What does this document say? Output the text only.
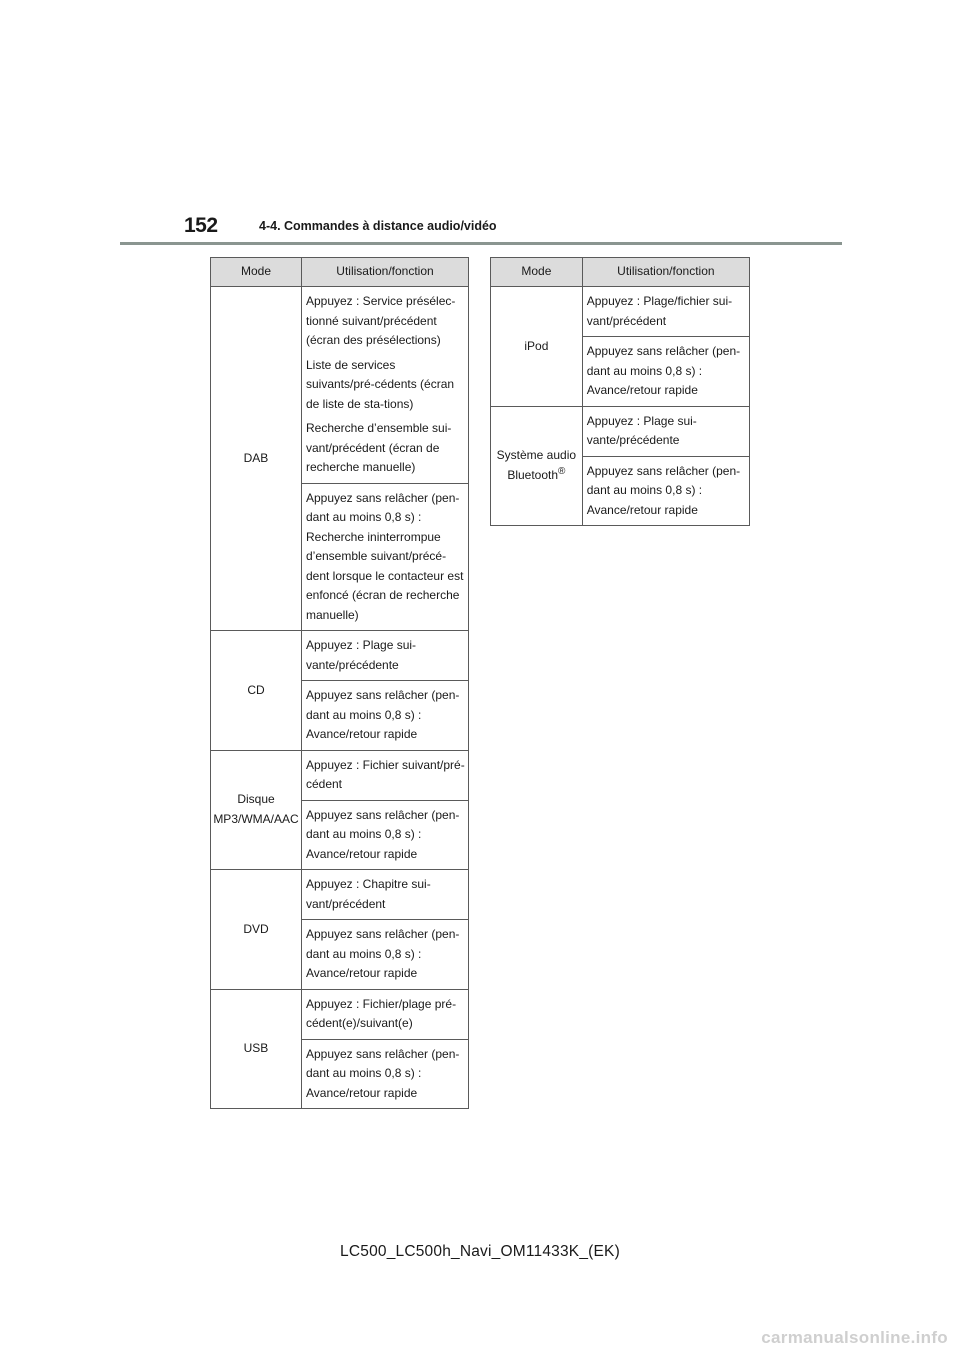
152	4-4. Commandes à distance audio/vidéo
Mode	Utilisation/fonction
DAB	Appuyez : Service présélec-tionné suivant/précédent (écran des présélections)

Liste de services suivants/pré-cédents (écran de liste de sta-tions)

Recherche d’ensemble sui-vant/précédent (écran de recherche manuelle)

	Appuyez sans relâcher (pen-dant au moins 0,8 s) : Recherche ininterrompue d’ensemble suivant/précé-dent lorsque le contacteur est enfoncé (écran de recherche manuelle)

CD	Appuyez : Plage sui-vante/précédente

	Appuyez sans relâcher (pen-dant au moins 0,8 s) : Avance/retour rapide

Disque MP3/WMA/AAC	Appuyez : Fichier suivant/pré-cédent

	Appuyez sans relâcher (pen-dant au moins 0,8 s) : Avance/retour rapide

DVD	Appuyez : Chapitre sui-vant/précédent

	Appuyez sans relâcher (pen-dant au moins 0,8 s) : Avance/retour rapide

USB	Appuyez : Fichier/plage pré-cédent(e)/suivant(e)

	Appuyez sans relâcher (pen-dant au moins 0,8 s) : Avance/retour rapide

Mode	Utilisation/fonction
iPod	Appuyez : Plage/fichier sui-vant/précédent

	Appuyez sans relâcher (pen-dant au moins 0,8 s) : Avance/retour rapide

Système audio Bluetooth®	Appuyez : Plage sui-vante/précédente

	Appuyez sans relâcher (pen-dant au moins 0,8 s) : Avance/retour rapide

LC500_LC500h_Navi_OM11433K_(EK)
carmanualsonline.info
